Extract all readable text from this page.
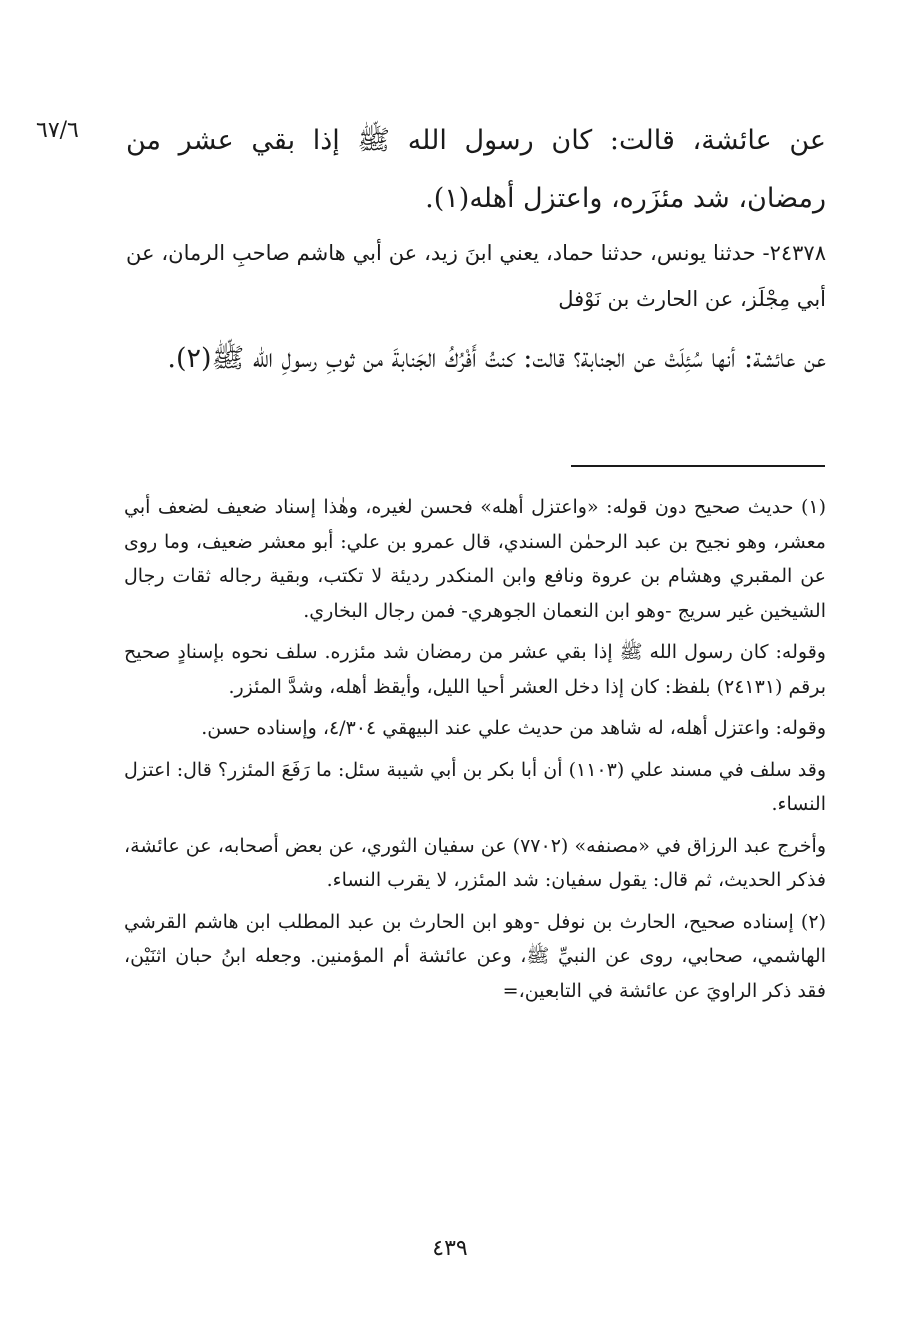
٦٧/٦ عن عائشة، قالت: كان رسول الله ﷺ إذا بقي عشر من رمضان، شد مئزَره، واعتزل أهله(١).
٢٤٣٧٨- حدثنا يونس، حدثنا حماد، يعني ابنَ زيد، عن أبي هاشم صاحبِ الرمان، عن أبي مِجْلَز، عن الحارث بن نَوْفل
عن عائشة: أنها سُئِلَتْ عن الجنابة؟ قالت: كنتُ أَفْرُكُ الجَنابةَ من ثوبِ رسولِ الله ﷺ(٢).

(١) حديث صحيح دون قوله: «واعتزل أهله» فحسن لغيره، وهٰذا إسناد ضعيف لضعف أبي معشر، وهو نجيح بن عبد الرحمٰن السندي، قال عمرو بن علي: أبو معشر ضعيف، وما روى عن المقبري وهشام بن عروة ونافع وابن المنكدر رديئة لا تكتب، وبقية رجاله ثقات رجال الشيخين غير سريج -وهو ابن النعمان الجوهري- فمن رجال البخاري.

وقوله: كان رسول الله ﷺ إذا بقي عشر من رمضان شد مئزره. سلف نحوه بإسنادٍ صحيح برقم (٢٤١٣١) بلفظ: كان إذا دخل العشر أحيا الليل، وأيقظ أهله، وشدَّ المئزر.

وقوله: واعتزل أهله، له شاهد من حديث علي عند البيهقي ٤/٣٠٤، وإسناده حسن.

وقد سلف في مسند علي (١١٠٣) أن أبا بكر بن أبي شيبة سئل: ما رَفَعَ المئزر؟ قال: اعتزل النساء.

وأخرج عبد الرزاق في «مصنفه» (٧٧٠٢) عن سفيان الثوري، عن بعض أصحابه، عن عائشة، فذكر الحديث، ثم قال: يقول سفيان: شد المئزر، لا يقرب النساء.

(٢) إسناده صحيح، الحارث بن نوفل -وهو ابن الحارث بن عبد المطلب ابن هاشم القرشي الهاشمي، صحابي، روى عن النبيِّ ﷺ، وعن عائشة أم المؤمنين. وجعله ابنُ حبان اثنَيْن، فقد ذكر الراويَ عن عائشة في التابعين،=

٤٣٩
